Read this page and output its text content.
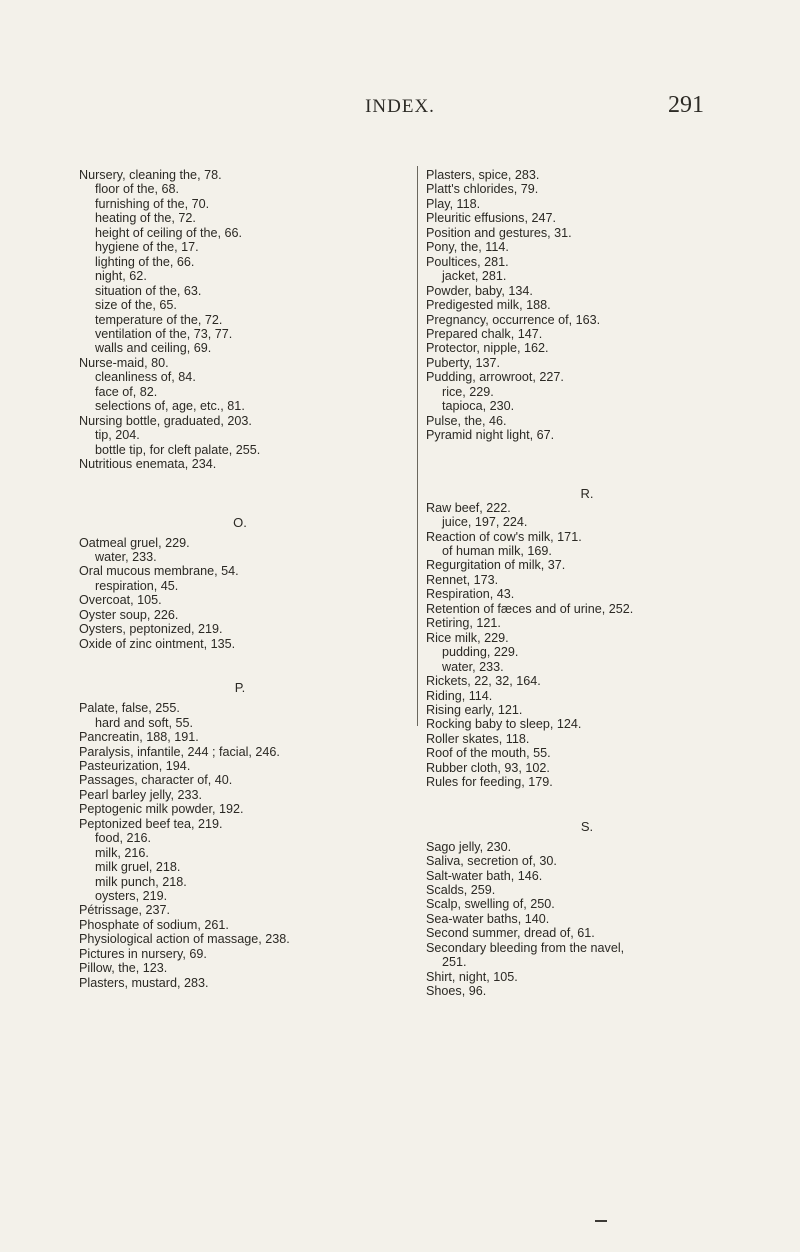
INDEX.	291
Nursery, cleaning the, 78.
floor of the, 68.
furnishing of the, 70.
heating of the, 72.
height of ceiling of the, 66.
hygiene of the, 17.
lighting of the, 66.
night, 62.
situation of the, 63.
size of the, 65.
temperature of the, 72.
ventilation of the, 73, 77.
walls and ceiling, 69.
Nurse-maid, 80.
cleanliness of, 84.
face of, 82.
selections of, age, etc., 81.
Nursing bottle, graduated, 203.
tip, 204.
bottle tip, for cleft palate, 255.
Nutritious enemata, 234.
O.
Oatmeal gruel, 229.
water, 233.
Oral mucous membrane, 54.
respiration, 45.
Overcoat, 105.
Oyster soup, 226.
Oysters, peptonized, 219.
Oxide of zinc ointment, 135.
P.
Palate, false, 255.
hard and soft, 55.
Pancreatin, 188, 191.
Paralysis, infantile, 244 ; facial, 246.
Pasteurization, 194.
Passages, character of, 40.
Pearl barley jelly, 233.
Peptogenic milk powder, 192.
Peptonized beef tea, 219.
food, 216.
milk, 216.
milk gruel, 218.
milk punch, 218.
oysters, 219.
Pétrissage, 237.
Phosphate of sodium, 261.
Physiological action of massage, 238.
Pictures in nursery, 69.
Pillow, the, 123.
Plasters, mustard, 283.
Plasters, spice, 283.
Platt's chlorides, 79.
Play, 118.
Pleuritic effusions, 247.
Position and gestures, 31.
Pony, the, 114.
Poultices, 281.
jacket, 281.
Powder, baby, 134.
Predigested milk, 188.
Pregnancy, occurrence of, 163.
Prepared chalk, 147.
Protector, nipple, 162.
Puberty, 137.
Pudding, arrowroot, 227.
rice, 229.
tapioca, 230.
Pulse, the, 46.
Pyramid night light, 67.
R.
Raw beef, 222.
juice, 197, 224.
Reaction of cow's milk, 171.
of human milk, 169.
Regurgitation of milk, 37.
Rennet, 173.
Respiration, 43.
Retention of fæces and of urine, 252.
Retiring, 121.
Rice milk, 229.
pudding, 229.
water, 233.
Rickets, 22, 32, 164.
Riding, 114.
Rising early, 121.
Rocking baby to sleep, 124.
Roller skates, 118.
Roof of the mouth, 55.
Rubber cloth, 93, 102.
Rules for feeding, 179.
S.
Sago jelly, 230.
Saliva, secretion of, 30.
Salt-water bath, 146.
Scalds, 259.
Scalp, swelling of, 250.
Sea-water baths, 140.
Second summer, dread of, 61.
Secondary bleeding from the navel,
251.
Shirt, night, 105.
Shoes, 96.
